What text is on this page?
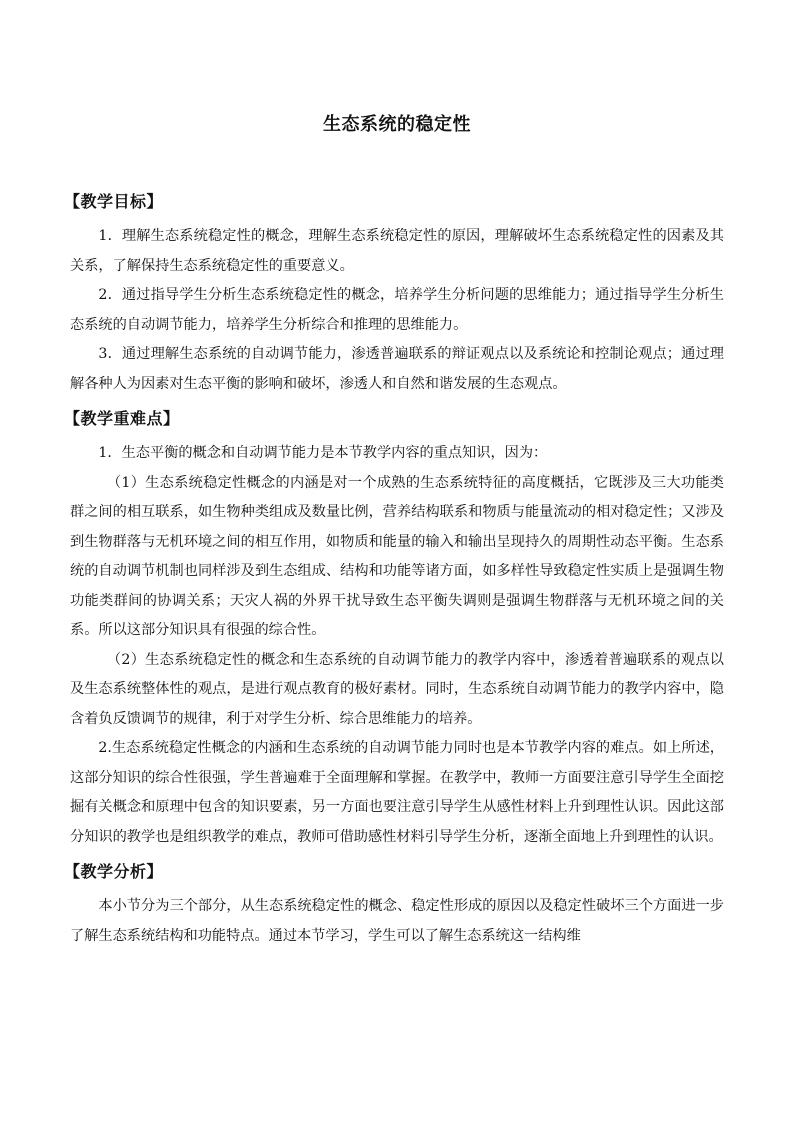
生态系统的稳定性
【教学目标】

1．理解生态系统稳定性的概念，理解生态系统稳定性的原因，理解破坏生态系统稳定性的因素及其关系，了解保持生态系统稳定性的重要意义。

2．通过指导学生分析生态系统稳定性的概念，培养学生分析问题的思维能力；通过指导学生分析生态系统的自动调节能力，培养学生分析综合和推理的思维能力。

3．通过理解生态系统的自动调节能力，渗透普遍联系的辩证观点以及系统论和控制论观点；通过理解各种人为因素对生态平衡的影响和破坏，渗透人和自然和谐发展的生态观点。

【教学重难点】

1．生态平衡的概念和自动调节能力是本节教学内容的重点知识，因为：

（1）生态系统稳定性概念的内涵是对一个成熟的生态系统特征的高度概括，它既涉及三大功能类群之间的相互联系，如生物种类组成及数量比例，营养结构联系和物质与能量流动的相对稳定性；又涉及到生物群落与无机环境之间的相互作用，如物质和能量的输入和输出呈现持久的周期性动态平衡。生态系统的自动调节机制也同样涉及到生态组成、结构和功能等诸方面，如多样性导致稳定性实质上是强调生物功能类群间的协调关系；天灾人祸的外界干扰导致生态平衡失调则是强调生物群落与无机环境之间的关系。所以这部分知识具有很强的综合性。

（2）生态系统稳定性的概念和生态系统的自动调节能力的教学内容中，渗透着普遍联系的观点以及生态系统整体性的观点，是进行观点教育的极好素材。同时，生态系统自动调节能力的教学内容中，隐含着负反馈调节的规律，利于对学生分析、综合思维能力的培养。

2.生态系统稳定性概念的内涵和生态系统的自动调节能力同时也是本节教学内容的难点。如上所述，这部分知识的综合性很强，学生普遍难于全面理解和掌握。在教学中，教师一方面要注意引导学生全面挖掘有关概念和原理中包含的知识要素，另一方面也要注意引导学生从感性材料上升到理性认识。因此这部分知识的教学也是组织教学的难点，教师可借助感性材料引导学生分析，逐渐全面地上升到理性的认识。

【教学分析】

本小节分为三个部分，从生态系统稳定性的概念、稳定性形成的原因以及稳定性破坏三个方面进一步了解生态系统结构和功能特点。通过本节学习，学生可以了解生态系统这一结构维
